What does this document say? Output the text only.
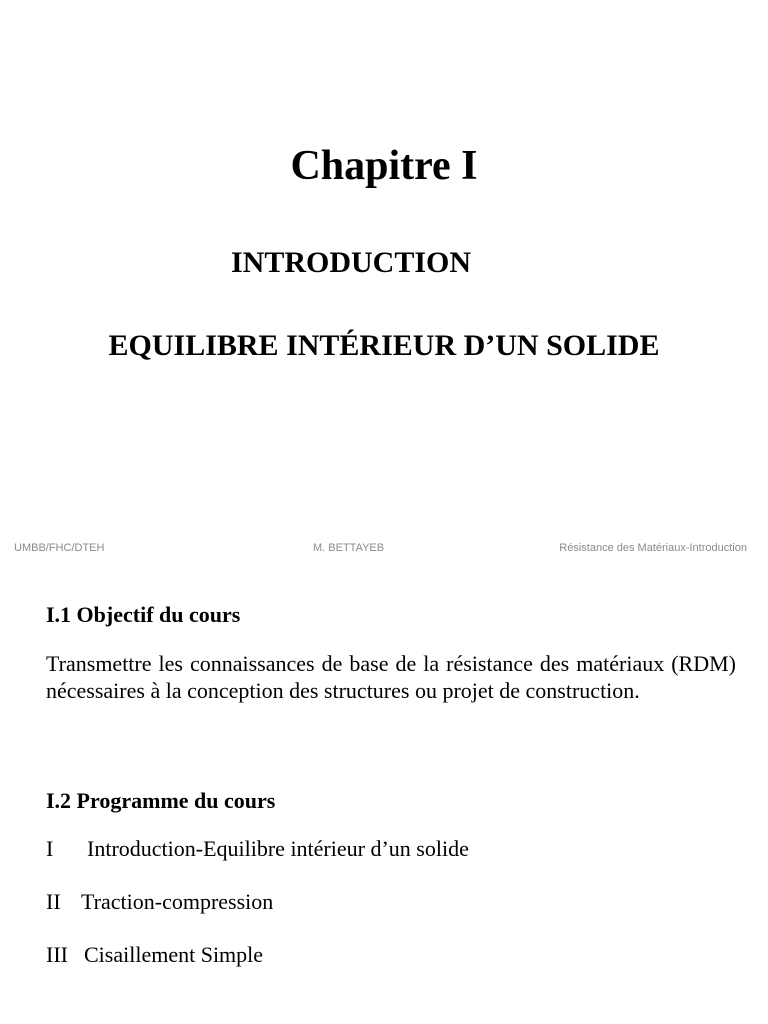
Chapitre I
INTRODUCTION
EQUILIBRE INTÉRIEUR D’UN SOLIDE
UMBB/FHC/DTEH	M. BETTAYEB	Résistance des Matériaux-Introduction
I.1 Objectif du cours

Transmettre les connaissances de base de la résistance des matériaux (RDM) nécessaires à la conception des structures ou projet de construction.

I.2 Programme du cours
I Introduction-Equilibre intérieur d’un solide
II Traction-compression
III Cisaillement Simple
